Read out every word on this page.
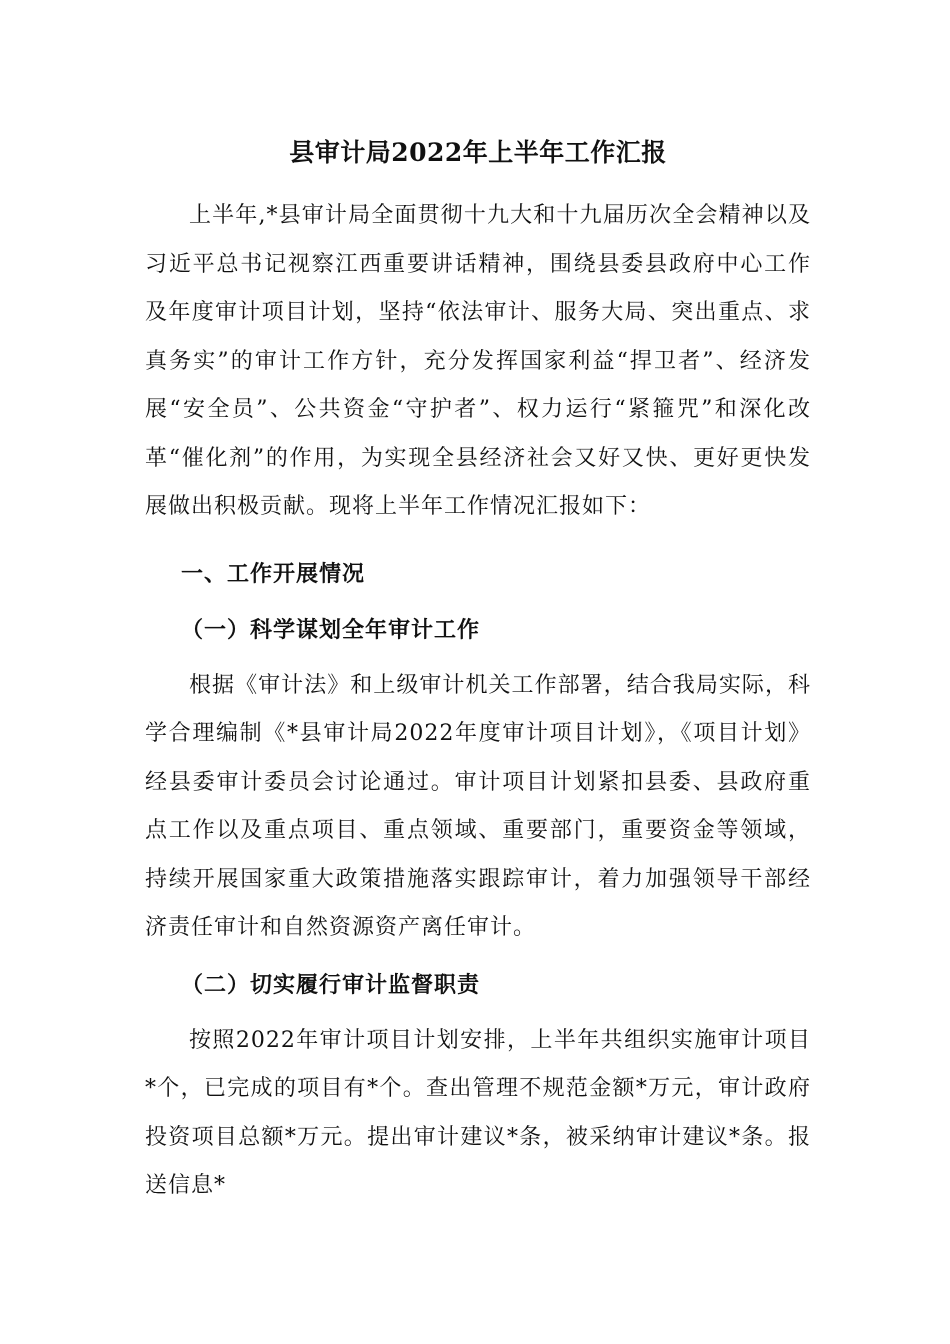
县审计局2022年上半年工作汇报

上半年,*县审计局全面贯彻十九大和十九届历次全会精神以及习近平总书记视察江西重要讲话精神，围绕县委县政府中心工作及年度审计项目计划，坚持“依法审计、服务大局、突出重点、求真务实”的审计工作方针，充分发挥国家利益“捍卫者”、经济发展“安全员”、公共资金“守护者”、权力运行“紧箍咒”和深化改革“催化剂”的作用，为实现全县经济社会又好又快、更好更快发展做出积极贡献。现将上半年工作情况汇报如下：

一、工作开展情况

（一）科学谋划全年审计工作

根据《审计法》和上级审计机关工作部署，结合我局实际，科学合理编制《*县审计局2022年度审计项目计划》，《项目计划》经县委审计委员会讨论通过。审计项目计划紧扣县委、县政府重点工作以及重点项目、重点领域、重要部门，重要资金等领域，持续开展国家重大政策措施落实跟踪审计，着力加强领导干部经济责任审计和自然资源资产离任审计。

（二）切实履行审计监督职责

按照2022年审计项目计划安排，上半年共组织实施审计项目*个，已完成的项目有*个。查出管理不规范金额*万元，审计政府投资项目总额*万元。提出审计建议*条，被采纳审计建议*条。报送信息*
